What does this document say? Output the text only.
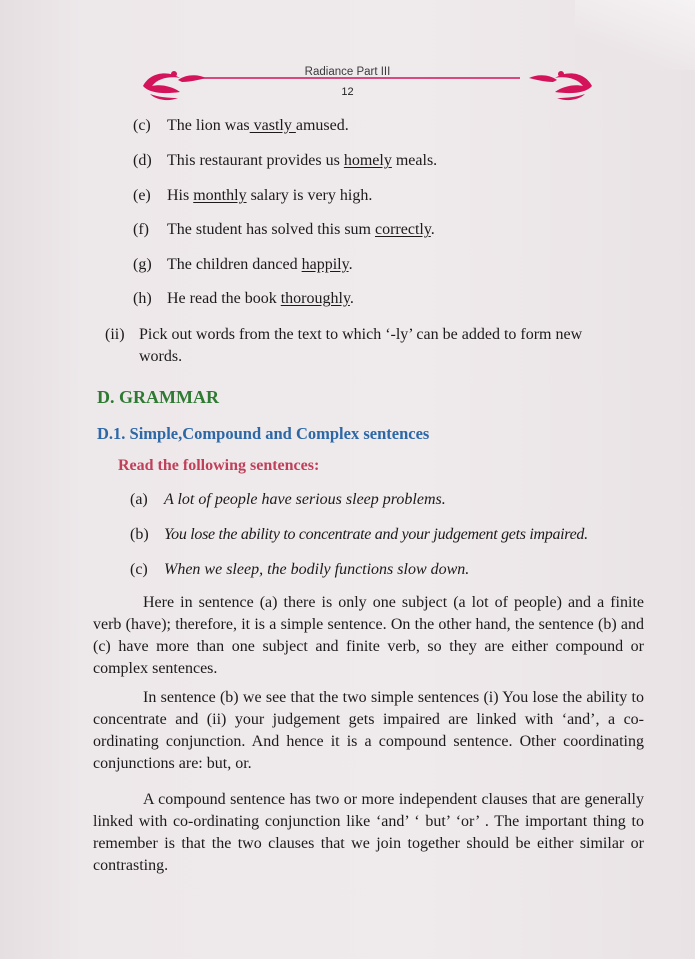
Radiance Part III
12
(c) The lion was vastly amused.
(d) This restaurant provides us homely meals.
(e) His monthly salary is very high.
(f) The student has solved this sum correctly.
(g) The children danced happily.
(h) He read the book thoroughly.
(ii) Pick out words from the text to which ‘-ly’ can be added to form new
words.
D. GRAMMAR
D.1. Simple,Compound and Complex sentences
Read the following sentences:
(a) A lot of people have serious sleep problems.
(b) You lose the ability to concentrate and your judgement gets impaired.
(c) When we sleep, the bodily functions slow down.

Here in sentence (a) there is only one subject (a lot of people) and a finite verb (have); therefore, it is a simple sentence. On the other hand, the sentence (b) and (c) have more than one subject and finite verb, so they are either compound or complex sentences.

In sentence (b) we see that the two simple sentences (i) You lose the ability to concentrate and (ii) your judgement gets impaired are linked with ‘and’, a co-ordinating conjunction. And hence it is a compound sentence. Other coordinating conjunctions are: but, or.

A compound sentence has two or more independent clauses that are generally linked with co-ordinating conjunction like ‘and’ ‘ but’ ‘or’ . The important thing to remember is that the two clauses that we join together should be either similar or contrasting.
